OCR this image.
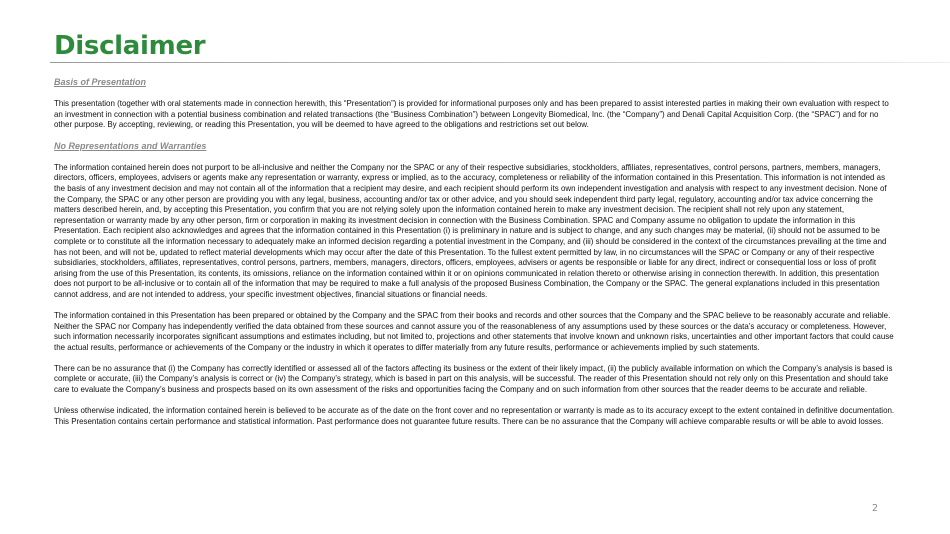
Disclaimer

Basis of Presentation

This presentation (together with oral statements made in connection herewith, this “Presentation”) is provided for informational purposes only and has been prepared to assist interested parties in making their own evaluation with respect to an investment in connection with a potential business combination and related transactions (the “Business Combination”) between Longevity Biomedical, Inc. (the “Company”) and Denali Capital Acquisition Corp. (the “SPAC”) and for no other purpose. By accepting, reviewing, or reading this Presentation, you will be deemed to have agreed to the obligations and restrictions set out below.

No Representations and Warranties

The information contained herein does not purport to be all-inclusive and neither the Company nor the SPAC or any of their respective subsidiaries, stockholders, affiliates, representatives, control persons, partners, members, managers, directors, officers, employees, advisers or agents make any representation or warranty, express or implied, as to the accuracy, completeness or reliability of the information contained in this Presentation. This information is not intended as the basis of any investment decision and may not contain all of the information that a recipient may desire, and each recipient should perform its own independent investigation and analysis with respect to any investment decision. None of the Company, the SPAC or any other person are providing you with any legal, business, accounting and/or tax or other advice, and you should seek independent third party legal, regulatory, accounting and/or tax advice concerning the matters described herein, and, by accepting this Presentation, you confirm that you are not relying solely upon the information contained herein to make any investment decision. The recipient shall not rely upon any statement, representation or warranty made by any other person, firm or corporation in making its investment decision in connection with the Business Combination. SPAC and Company assume no obligation to update the information in this Presentation. Each recipient also acknowledges and agrees that the information contained in this Presentation (i) is preliminary in nature and is subject to change, and any such changes may be material, (ii) should not be assumed to be complete or to constitute all the information necessary to adequately make an informed decision regarding a potential investment in the Company, and (iii) should be considered in the context of the circumstances prevailing at the time and has not been, and will not be, updated to reflect material developments which may occur after the date of this Presentation. To the fullest extent permitted by law, in no circumstances will the SPAC or Company or any of their respective subsidiaries, stockholders, affiliates, representatives, control persons, partners, members, managers, directors, officers, employees, advisers or agents be responsible or liable for any direct, indirect or consequential loss or loss of profit arising from the use of this Presentation, its contents, its omissions, reliance on the information contained within it or on opinions communicated in relation thereto or otherwise arising in connection therewith. In addition, this presentation does not purport to be all-inclusive or to contain all of the information that may be required to make a full analysis of the proposed Business Combination, the Company or the SPAC. The general explanations included in this presentation cannot address, and are not intended to address, your specific investment objectives, financial situations or financial needs.

The information contained in this Presentation has been prepared or obtained by the Company and the SPAC from their books and records and other sources that the Company and the SPAC believe to be reasonably accurate and reliable. Neither the SPAC nor Company has independently verified the data obtained from these sources and cannot assure you of the reasonableness of any assumptions used by these sources or the data’s accuracy or completeness. However, such information necessarily incorporates significant assumptions and estimates including, but not limited to, projections and other statements that involve known and unknown risks, uncertainties and other important factors that could cause the actual results, performance or achievements of the Company or the industry in which it operates to differ materially from any future results, performance or achievements implied by such statements.

There can be no assurance that (i) the Company has correctly identified or assessed all of the factors affecting its business or the extent of their likely impact, (ii) the publicly available information on which the Company’s analysis is based is complete or accurate, (iii) the Company’s analysis is correct or (iv) the Company’s strategy, which is based in part on this analysis, will be successful. The reader of this Presentation should not rely only on this Presentation and should take care to evaluate the Company’s business and prospects based on its own assessment of the risks and opportunities facing the Company and on such information from other sources that the reader deems to be accurate and reliable.

Unless otherwise indicated, the information contained herein is believed to be accurate as of the date on the front cover and no representation or warranty is made as to its accuracy except to the extent contained in definitive documentation. This Presentation contains certain performance and statistical information. Past performance does not guarantee future results. There can be no assurance that the Company will achieve comparable results or will be able to avoid losses.

2
